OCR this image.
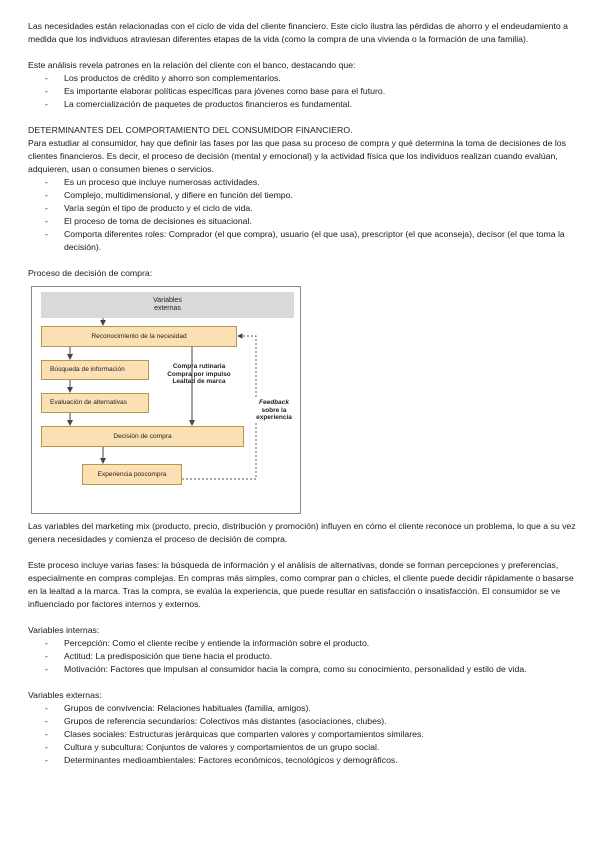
Las necesidades están relacionadas con el ciclo de vida del cliente financiero. Este ciclo ilustra las pérdidas de ahorro y el endeudamiento a medida que los individuos atraviesan diferentes etapas de la vida (como la compra de una vivienda o la formación de una familia).

Este análisis revela patrones en la relación del cliente con el banco, destacando que:

- Los productos de crédito y ahorro son complementarios.
- Es importante elaborar políticas específicas para jóvenes como base para el futuro.
- La comercialización de paquetes de productos financieros es fundamental.

DETERMINANTES DEL COMPORTAMIENTO DEL CONSUMIDOR FINANCIERO.

Para estudiar al consumidor, hay que definir las fases por las que pasa su proceso de compra y qué determina la toma de decisiones de los clientes financieros. Es decir, el proceso de decisión (mental y emocional) y la actividad física que los individuos realizan cuando evalúan, adquieren, usan o consumen bienes o servicios.

- Es un proceso que incluye numerosas actividades.
- Complejo, multidimensional, y difiere en función del tiempo.
- Varía según el tipo de producto y el ciclo de vida.
- El proceso de toma de decisiones es situacional.
- Comporta diferentes roles: Comprador (el que compra), usuario (el que usa), prescriptor (el que aconseja), decisor (el que toma la decisión).

Proceso de decisión de compra:

Variables
externas
Reconocimiento de la necesidad
Búsqueda de información
Evaluación de alternativas
Decisión de compra
Experiencia poscompra
Compra rutinaria
Compra por impulso
Lealtad de marca
Feedback
sobre la
experiencia

Las variables del marketing mix (producto, precio, distribución y promoción) influyen en cómo el cliente reconoce un problema, lo que a su vez genera necesidades y comienza el proceso de decisión de compra.

Este proceso incluye varias fases: la búsqueda de información y el análisis de alternativas, donde se forman percepciones y preferencias, especialmente en compras complejas. En compras más simples, como comprar pan o chicles, el cliente puede decidir rápidamente o basarse en la lealtad a la marca. Tras la compra, se evalúa la experiencia, que puede resultar en satisfacción o insatisfacción. El consumidor se ve influenciado por factores internos y externos.

Variables internas:

- Percepción: Como el cliente recibe y entiende la información sobre el producto.
- Actitud: La predisposición que tiene hacia el producto.
- Motivación: Factores que impulsan al consumidor hacia la compra, como su conocimiento, personalidad y estilo de vida.

Variables externas:

- Grupos de convivencia: Relaciones habituales (familia, amigos).
- Grupos de referencia secundarios: Colectivos más distantes (asociaciones, clubes).
- Clases sociales: Estructuras jerárquicas que comparten valores y comportamientos similares.
- Cultura y subcultura: Conjuntos de valores y comportamientos de un grupo social.
- Determinantes medioambientales: Factores económicos, tecnológicos y demográficos.
